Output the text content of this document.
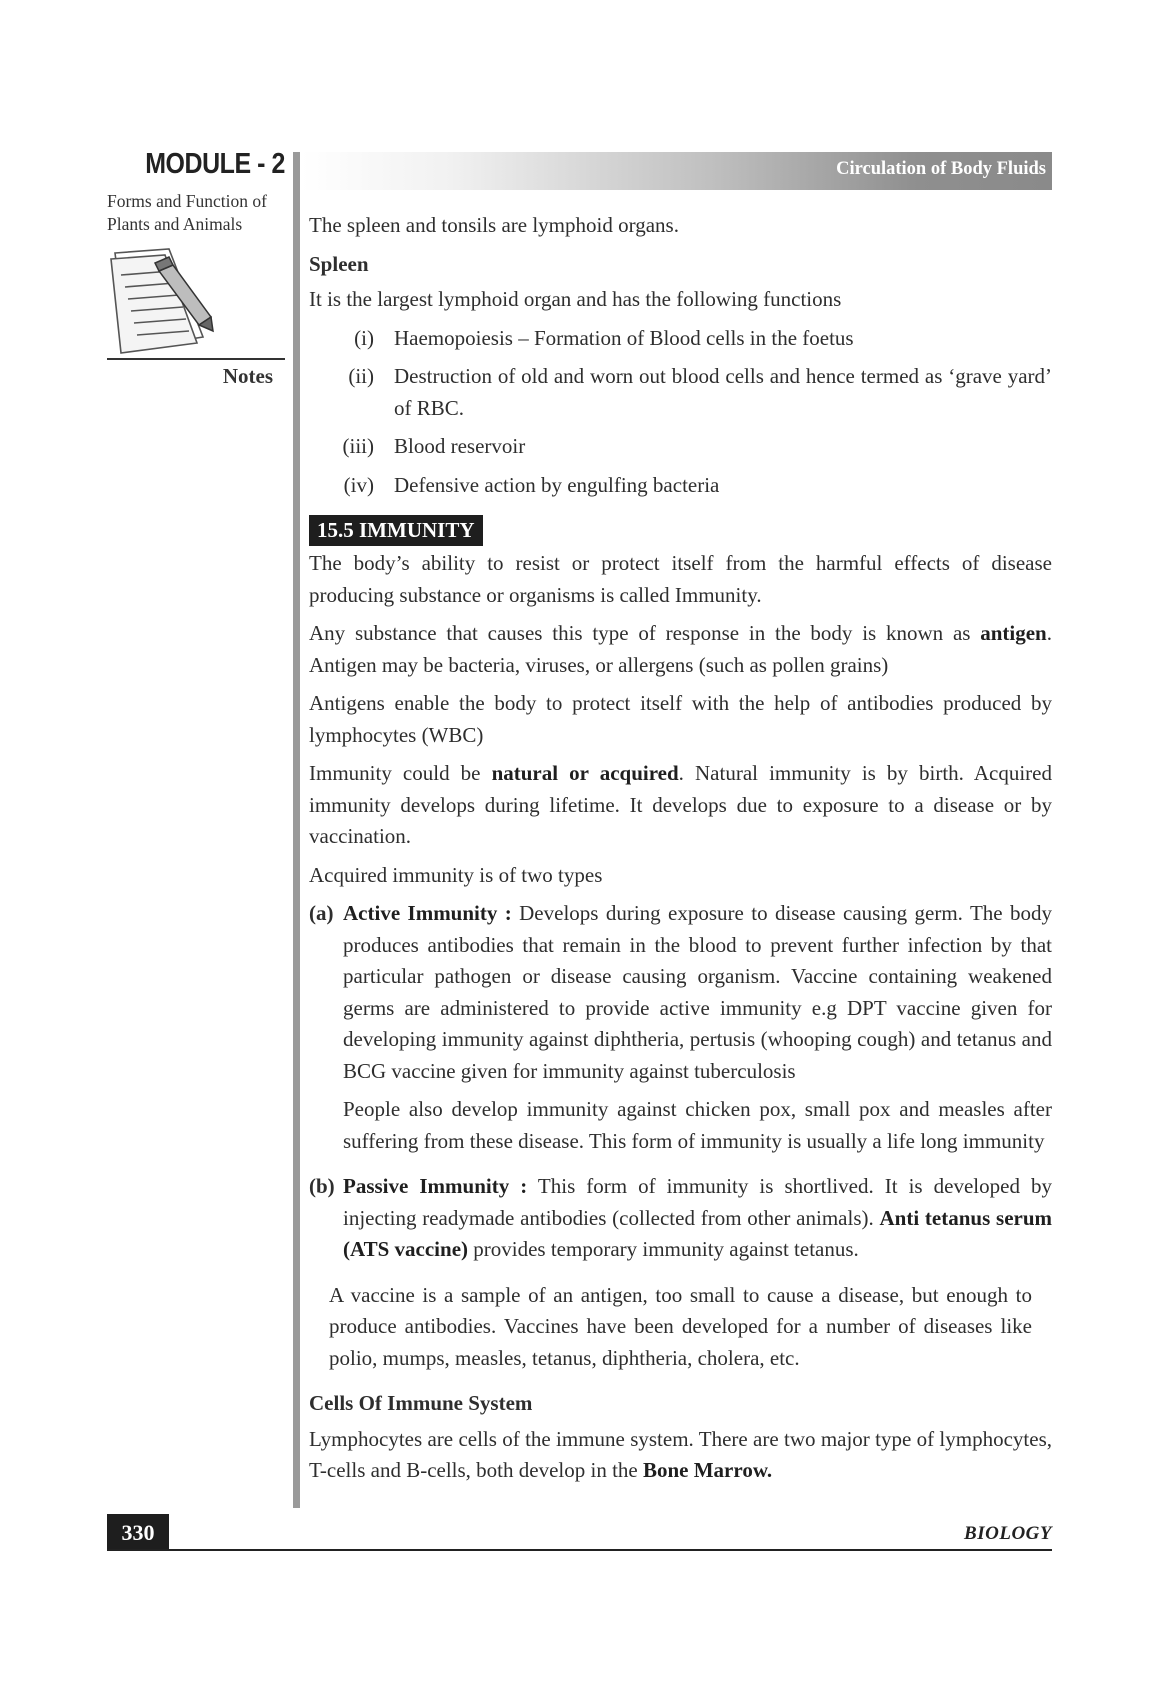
MODULE - 2
Forms and Function of
Plants and Animals
Notes
Circulation of Body Fluids

The spleen and tonsils are lymphoid organs.

Spleen

It is the largest lymphoid organ and has the following functions

(i) Haemopoiesis – Formation of Blood cells in the foetus
(ii) Destruction of old and worn out blood cells and hence termed as ‘grave yard’ of RBC.
(iii) Blood reservoir
(iv) Defensive action by engulfing bacteria
15.5 IMMUNITY

The body’s ability to resist or protect itself from the harmful effects of disease producing substance or organisms is called Immunity.

Any substance that causes this type of response in the body is known as antigen. Antigen may be bacteria, viruses, or allergens (such as pollen grains)

Antigens enable the body to protect itself with the help of antibodies produced by lymphocytes (WBC)

Immunity could be natural or acquired. Natural immunity is by birth. Acquired immunity develops during lifetime. It develops due to exposure to a disease or by vaccination.

Acquired immunity is of two types

(a) Active Immunity : Develops during exposure to disease causing germ. The body produces antibodies that remain in the blood to prevent further infection by that particular pathogen or disease causing organism. Vaccine containing weakened germs are administered to provide active immunity e.g DPT vaccine given for developing immunity against diphtheria, pertusis (whooping cough) and tetanus and BCG vaccine given for immunity against tuberculosis

People also develop immunity against chicken pox, small pox and measles after suffering from these disease. This form of immunity is usually a life long immunity

(b) Passive Immunity : This form of immunity is shortlived. It is developed by injecting readymade antibodies (collected from other animals). Anti tetanus serum (ATS vaccine) provides temporary immunity against tetanus.

A vaccine is a sample of an antigen, too small to cause a disease, but enough to produce antibodies. Vaccines have been developed for a number of diseases like polio, mumps, measles, tetanus, diphtheria, cholera, etc.

Cells Of Immune System

Lymphocytes are cells of the immune system. There are two major type of lymphocytes, T-cells and B-cells, both develop in the Bone Marrow.

330	BIOLOGY
